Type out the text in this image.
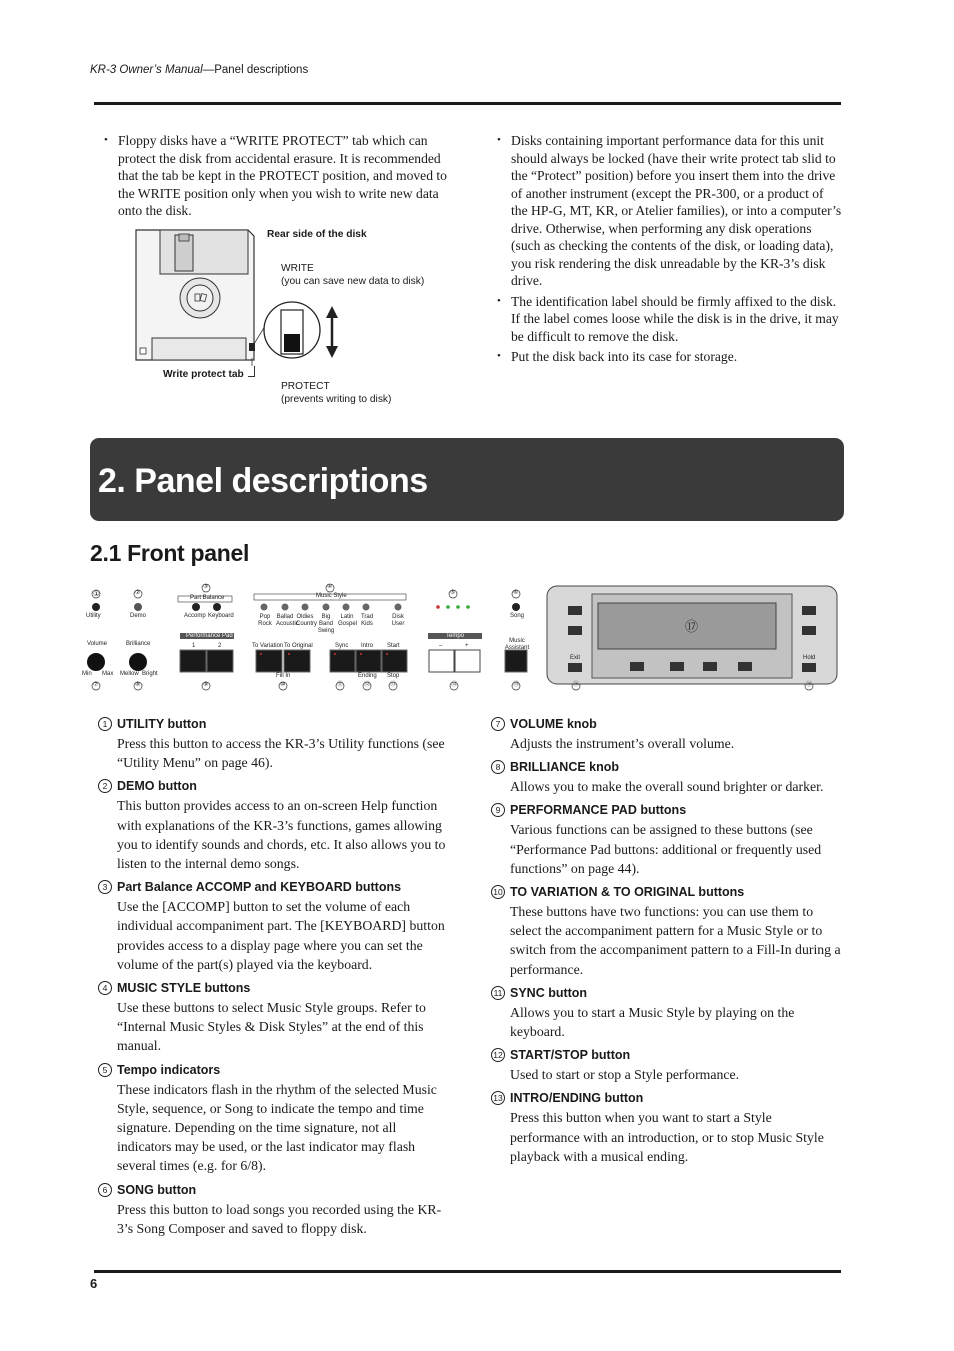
KR-3 Owner’s Manual—Panel descriptions
• Floppy disks have a “WRITE PROTECT” tab which can protect the disk from accidental erasure. It is recommended that the tab be kept in the PROTECT position, and moved to the WRITE position only when you wish to write new data onto the disk.
Rear side of the disk
WRITE
(you can save new data to disk)
Write protect tab
PROTECT
(prevents writing to disk)
• Disks containing important performance data for this unit should always be locked (have their write protect tab slid to the “Protect” position) before you insert them into the drive of another instrument (except the PR-300, or a product of the HP-G, MT, KR, or Atelier families), or into a computer’s drive. Otherwise, when performing any disk operations (such as checking the contents of the disk, or loading data), you risk rendering the disk unreadable by the KR-3’s disk drive.
• The identification label should be firmly affixed to the disk. If the label comes loose while the disk is in the drive, it may be difficult to remove the disk.
• Put the disk back into its case for storage.
2. Panel descriptions
2.1 Front panel
①	②
③	④
⑤	⑥
⑦	⑧	⑨	⑩	⑪	⑫	⑬	⑭	⑮	⑯
⑰
⑱
Utility	Demo
Part Balance
Accomp Keyboard
Music Style
Pop Rock
Ballad Acoustic
Oldies Country
Big Band Swing
Latin Gospel
Trad Kids
Disk User
Song
Volume	Brilliance
Min Max Mellow Bright
Performance Pad
1	2	To Variation To Original
Fill In
Sync Intro Start
Ending Stop
Tempo
–	+
Music Assistant
Exit	Hold
1 UTILITY button
Press this button to access the KR-3’s Utility functions (see “Utility Menu” on page 46).
2 DEMO button
This button provides access to an on-screen Help function with explanations of the KR-3’s functions, games allowing you to identify sounds and chords, etc. It also allows you to listen to the internal demo songs.
3 Part Balance ACCOMP and KEYBOARD buttons
Use the [ACCOMP] button to set the volume of each individual accompaniment part. The [KEYBOARD] button provides access to a display page where you can set the volume of the part(s) played via the keyboard.
4 MUSIC STYLE buttons
Use these buttons to select Music Style groups. Refer to “Internal Music Styles & Disk Styles” at the end of this manual.
5 Tempo indicators
These indicators flash in the rhythm of the selected Music Style, sequence, or Song to indicate the tempo and time signature. Depending on the time signature, not all indicators may be used, or the last indicator may flash several times (e.g. for 6/8).
6 SONG button
Press this button to load songs you recorded using the KR-3’s Song Composer and saved to floppy disk.
7 VOLUME knob
Adjusts the instrument’s overall volume.
8 BRILLIANCE knob
Allows you to make the overall sound brighter or darker.
9 PERFORMANCE PAD buttons
Various functions can be assigned to these buttons (see “Performance Pad buttons: additional or frequently used functions” on page 44).
10 TO VARIATION & TO ORIGINAL buttons
These buttons have two functions: you can use them to select the accompaniment pattern for a Music Style or to switch from the accompaniment pattern to a Fill-In during a performance.
11 SYNC button
Allows you to start a Music Style by playing on the keyboard.
12 START/STOP button
Used to start or stop a Style performance.
13 INTRO/ENDING button
Press this button when you want to start a Style performance with an introduction, or to stop Music Style playback with a musical ending.
6
